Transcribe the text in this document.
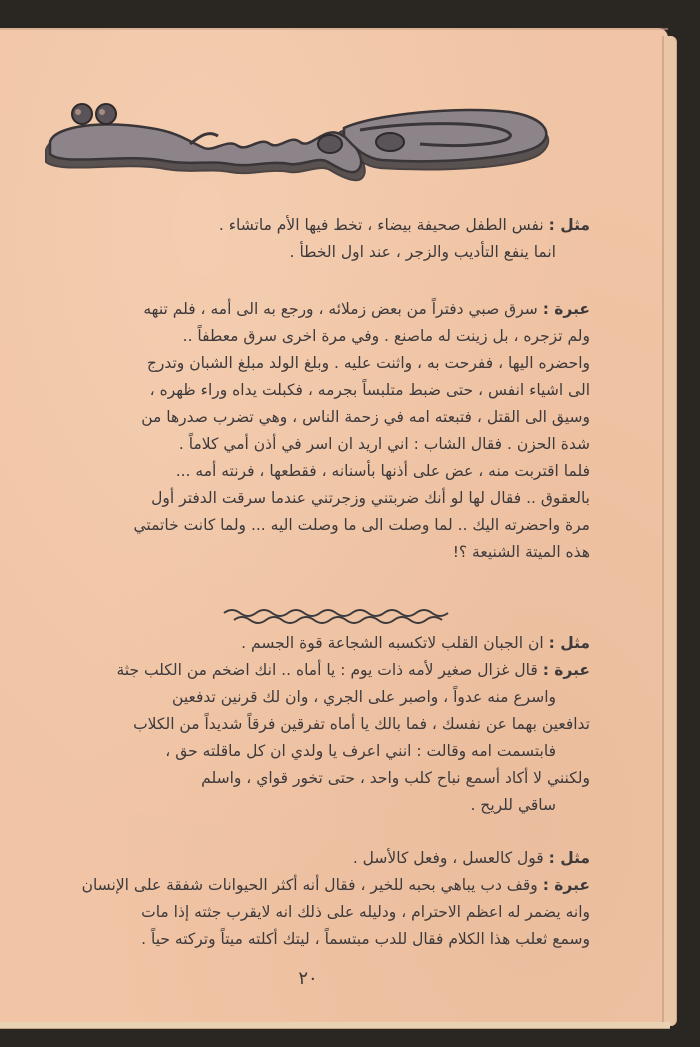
مثل : نفس الطفل صحيفة بيضاء ، تخط فيها الأم ماتشاء .
انما ينفع التأديب والزجر ، عند اول الخطأ .
عبرة : سرق صبي دفتراً من بعض زملائه ، ورجع به الى أمه ، فلم تنهه
ولم تزجره ، بل زينت له ماصنع . وفي مرة اخرى سرق معطفاً ..
واحضره اليها ، ففرحت به ، واثنت عليه . وبلغ الولد مبلغ الشبان وتدرج
الى اشياء انفس ، حتى ضبط متلبساً بجرمه ، فكبلت يداه وراء ظهره ،
وسيق الى القتل ، فتبعته امه في زحمة الناس ، وهي تضرب صدرها من
شدة الحزن . فقال الشاب : اني اريد ان اسر في أذن أمي كلاماً .
فلما اقتربت منه ، عض على أذنها بأسنانه ، فقطعها ، فرنته أمه ...
بالعقوق .. فقال لها لو أنك ضربتني وزجرتني عندما سرقت الدفتر أول
مرة واحضرته اليك .. لما وصلت الى ما وصلت اليه ... ولما كانت خاتمتي
هذه الميتة الشنيعة ؟!
مثل : ان الجبان القلب لاتكسبه الشجاعة قوة الجسم .
عبرة : قال غزال صغير لأمه ذات يوم : يا أماه .. انك اضخم من الكلب جثة
واسرع منه عدواً ، واصبر على الجري ، وان لك قرنين تدفعين
تدافعين بهما عن نفسك ، فما بالك يا أماه تفرقين فرقاً شديداً من الكلاب
فابتسمت امه وقالت : انني اعرف يا ولدي ان كل ماقلته حق ،
ولكنني لا أكاد أسمع نباح كلب واحد ، حتى تخور قواي ، واسلم
ساقي للريح .
مثل : قول كالعسل ، وفعل كالأسل .
عبرة : وقف دب يباهي بحبه للخير ، فقال أنه أكثر الحيوانات شفقة على الإنسان
وانه يضمر له اعظم الاحترام ، ودليله على ذلك انه لايقرب جثته إذا مات
وسمع ثعلب هذا الكلام فقال للدب مبتسماً ، ليتك أكلته ميتاً وتركته حياً .
٢٠
